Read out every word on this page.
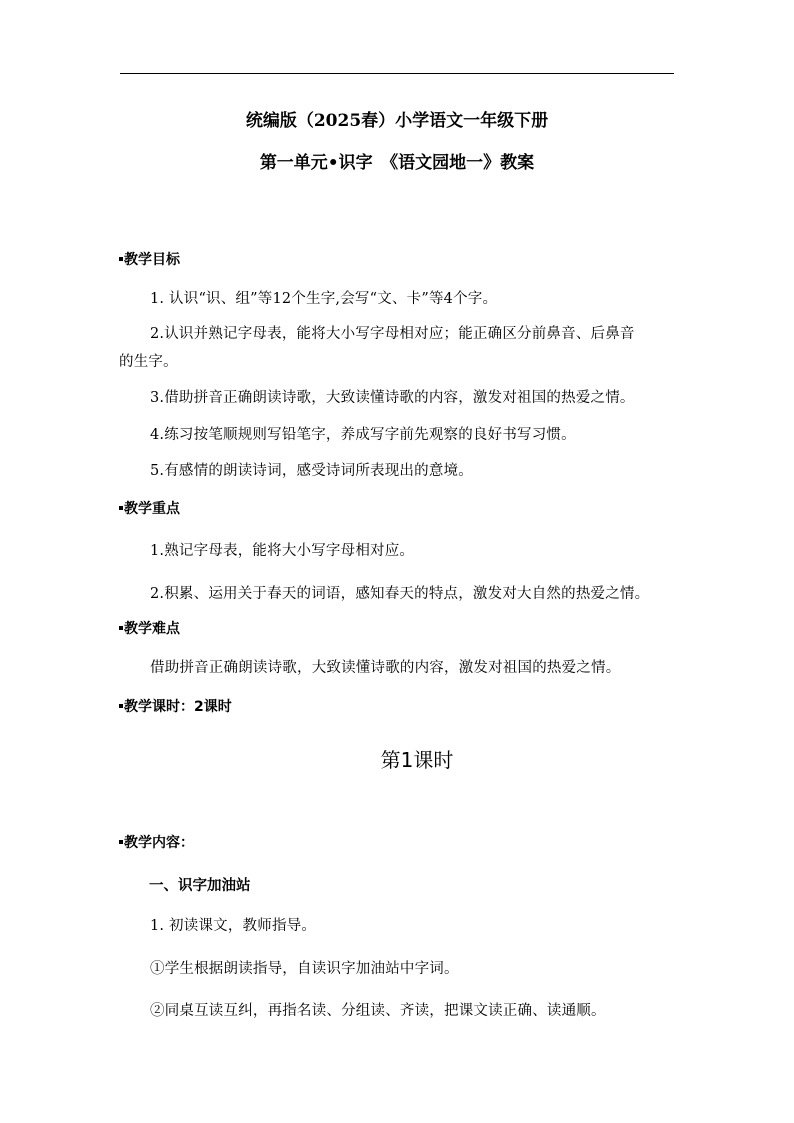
统编版（2025春）小学语文一年级下册
第一单元•识字　《语文园地一》教案
教学目标
1. 认识“识、组”等12个生字,会写“文、卡”等4个字。
2.认识并熟记字母表，能将大小写字母相对应；能正确区分前鼻音、后鼻音
的生字。
3.借助拼音正确朗读诗歌，大致读懂诗歌的内容，激发对祖国的热爱之情。
4.练习按笔顺规则写铅笔字，养成写字前先观察的良好书写习惯。
5.有感情的朗读诗词，感受诗词所表现出的意境。
教学重点
1.熟记字母表，能将大小写字母相对应。
2.积累、运用关于春天的词语，感知春天的特点，激发对大自然的热爱之情。
教学难点
借助拼音正确朗读诗歌，大致读懂诗歌的内容，激发对祖国的热爱之情。
教学课时：2课时
第1课时
教学内容：
一、识字加油站
1. 初读课文，教师指导。
①学生根据朗读指导，自读识字加油站中字词。
②同桌互读互纠，再指名读、分组读、齐读，把课文读正确、读通顺。
